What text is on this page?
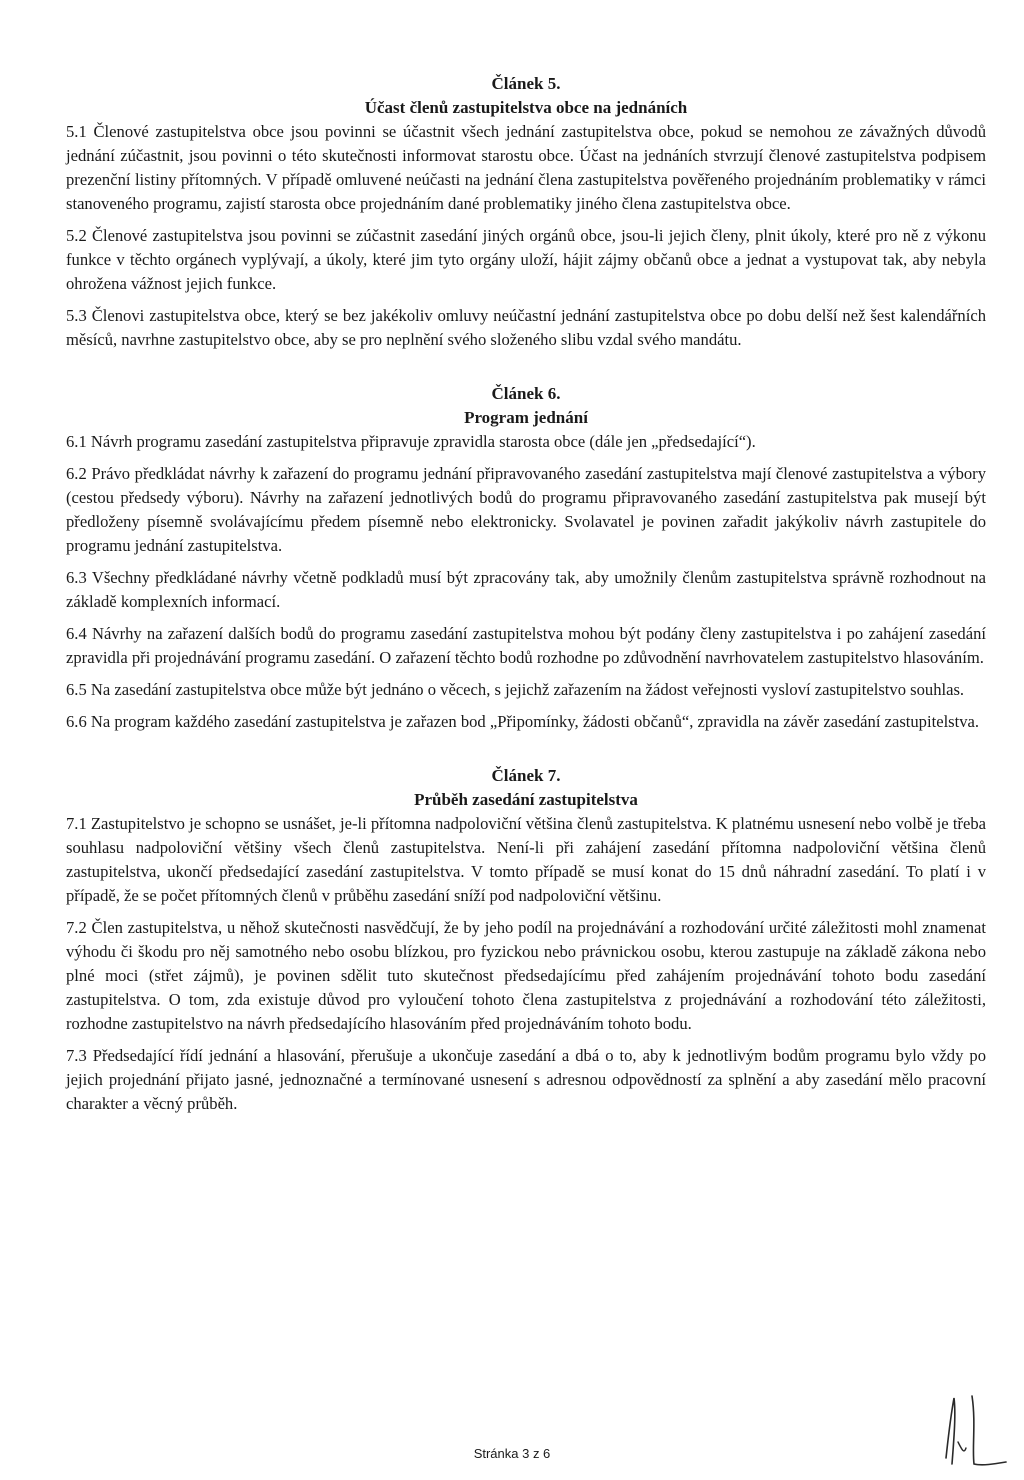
Článek 5.
Účast členů zastupitelstva obce na jednáních

5.1 Členové zastupitelstva obce jsou povinni se účastnit všech jednání zastupitelstva obce, pokud se nemohou ze závažných důvodů jednání zúčastnit, jsou povinni o této skutečnosti informovat starostu obce. Účast na jednáních stvrzují členové zastupitelstva podpisem prezenční listiny přítomných. V případě omluvené neúčasti na jednání člena zastupitelstva pověřeného projednáním problematiky v rámci stanoveného programu, zajistí starosta obce projednáním dané problematiky jiného člena zastupitelstva obce.

5.2 Členové zastupitelstva jsou povinni se zúčastnit zasedání jiných orgánů obce, jsou-li jejich členy, plnit úkoly, které pro ně z výkonu funkce v těchto orgánech vyplývají, a úkoly, které jim tyto orgány uloží, hájit zájmy občanů obce a jednat a vystupovat tak, aby nebyla ohrožena vážnost jejich funkce.

5.3 Členovi zastupitelstva obce, který se bez jakékoliv omluvy neúčastní jednání zastupitelstva obce po dobu delší než šest kalendářních měsíců, navrhne zastupitelstvo obce, aby se pro neplnění svého složeného slibu vzdal svého mandátu.

Článek 6.
Program jednání

6.1 Návrh programu zasedání zastupitelstva připravuje zpravidla starosta obce (dále jen „předsedající“).

6.2 Právo předkládat návrhy k zařazení do programu jednání připravovaného zasedání zastupitelstva mají členové zastupitelstva a výbory (cestou předsedy výboru). Návrhy na zařazení jednotlivých bodů do programu připravovaného zasedání zastupitelstva pak musejí být předloženy písemně svolávajícímu předem písemně nebo elektronicky. Svolavatel je povinen zařadit jakýkoliv návrh zastupitele do programu jednání zastupitelstva.

6.3 Všechny předkládané návrhy včetně podkladů musí být zpracovány tak, aby umožnily členům zastupitelstva správně rozhodnout na základě komplexních informací.

6.4 Návrhy na zařazení dalších bodů do programu zasedání zastupitelstva mohou být podány členy zastupitelstva i po zahájení zasedání zpravidla při projednávání programu zasedání. O zařazení těchto bodů rozhodne po zdůvodnění navrhovatelem zastupitelstvo hlasováním.

6.5 Na zasedání zastupitelstva obce může být jednáno o věcech, s jejichž zařazením na žádost veřejnosti vysloví zastupitelstvo souhlas.

6.6 Na program každého zasedání zastupitelstva je zařazen bod „Připomínky, žádosti občanů“, zpravidla na závěr zasedání zastupitelstva.

Článek 7.
Průběh zasedání zastupitelstva

7.1 Zastupitelstvo je schopno se usnášet, je-li přítomna nadpoloviční většina členů zastupitelstva. K platnému usnesení nebo volbě je třeba souhlasu nadpoloviční většiny všech členů zastupitelstva. Není-li při zahájení zasedání přítomna nadpoloviční většina členů zastupitelstva, ukončí předsedající zasedání zastupitelstva. V tomto případě se musí konat do 15 dnů náhradní zasedání. To platí i v případě, že se počet přítomných členů v průběhu zasedání sníží pod nadpoloviční většinu.

7.2 Člen zastupitelstva, u něhož skutečnosti nasvědčují, že by jeho podíl na projednávání a rozhodování určité záležitosti mohl znamenat výhodu či škodu pro něj samotného nebo osobu blízkou, pro fyzickou nebo právnickou osobu, kterou zastupuje na základě zákona nebo plné moci (střet zájmů), je povinen sdělit tuto skutečnost předsedajícímu před zahájením projednávání tohoto bodu zasedání zastupitelstva. O tom, zda existuje důvod pro vyloučení tohoto člena zastupitelstva z projednávání a rozhodování této záležitosti, rozhodne zastupitelstvo na návrh předsedajícího hlasováním před projednáváním tohoto bodu.

7.3 Předsedající řídí jednání a hlasování, přerušuje a ukončuje zasedání a dbá o to, aby k jednotlivým bodům programu bylo vždy po jejich projednání přijato jasné, jednoznačné a termínované usnesení s adresnou odpovědností za splnění a aby zasedání mělo pracovní charakter a věcný průběh.

Stránka 3 z 6
